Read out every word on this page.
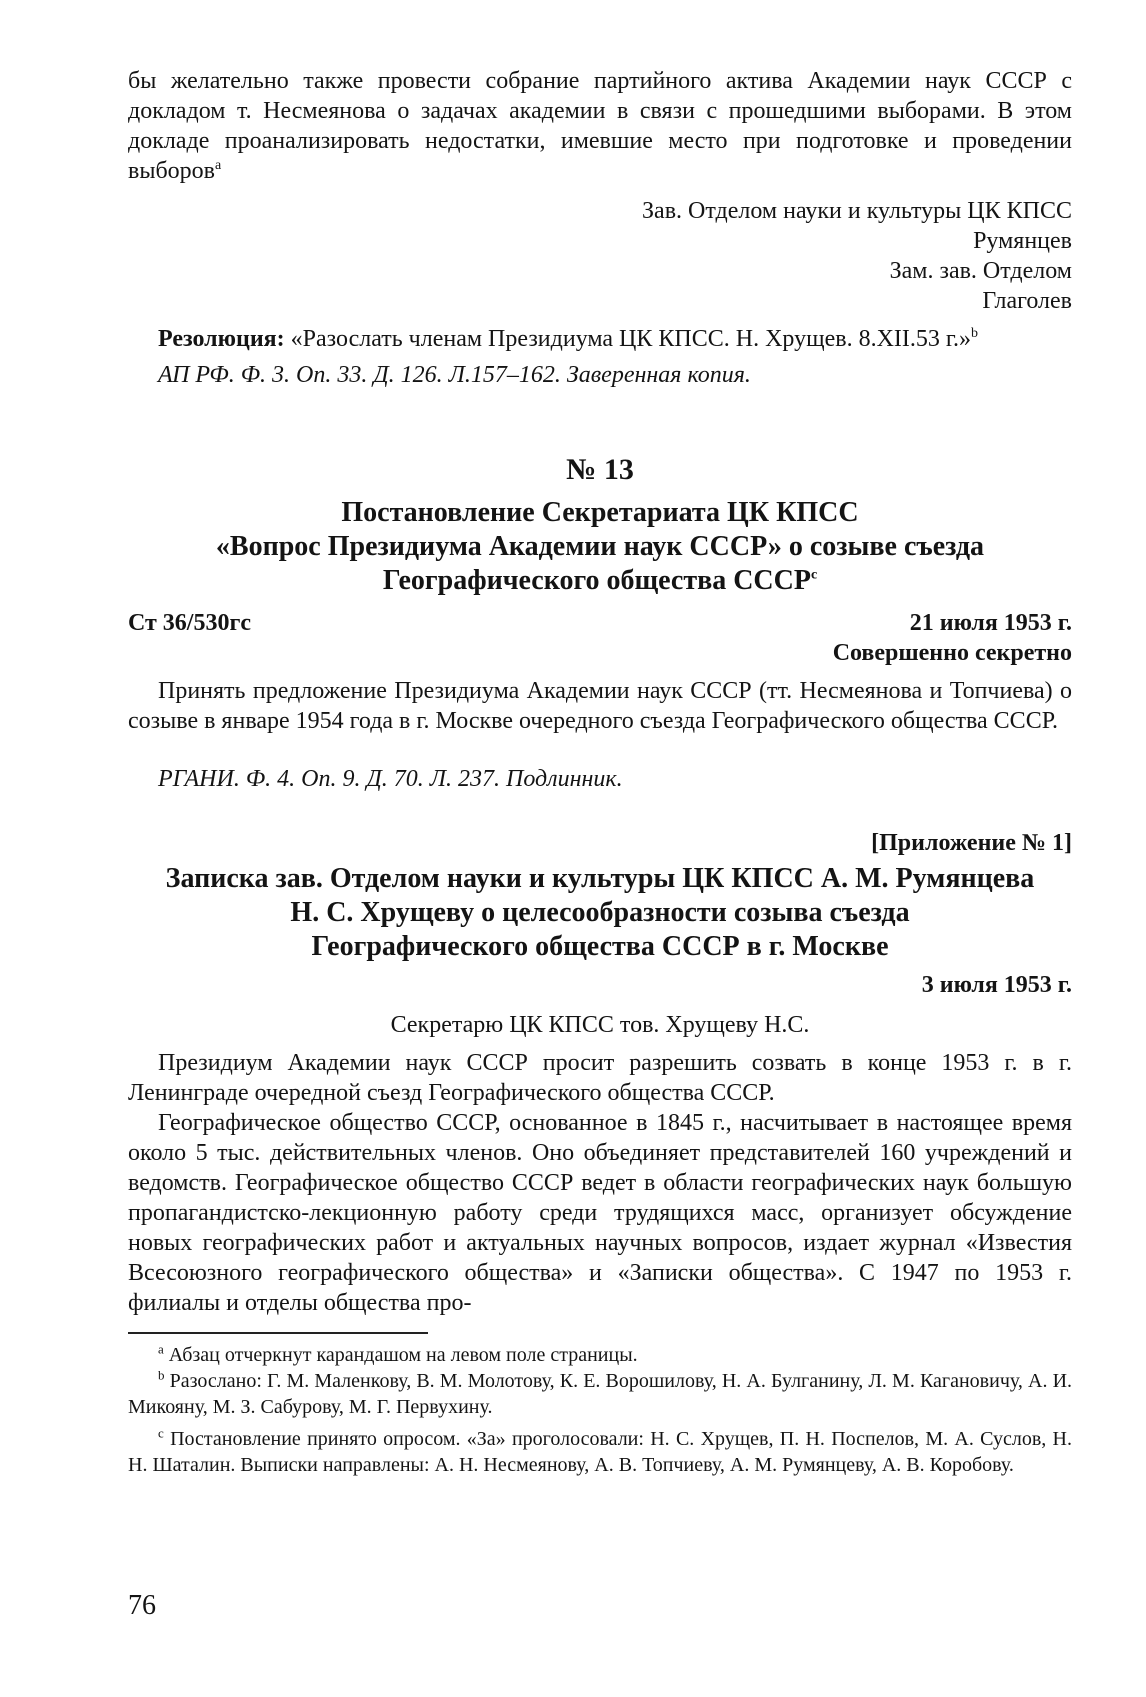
бы желательно также провести собрание партийного актива Академии наук СССР с докладом т. Несмеянова о задачах академии в связи с прошедшими выборами. В этом докладе проанализировать недостатки, имевшие место при подготовке и проведении выборов$^а$

Зав. Отделом науки и культуры ЦК КПСС

Румянцев

Зам. зав. Отделом

Глаголев

Резолюция: «Разослать членам Президиума ЦК КПСС. Н. Хрущев. 8.XII.53 г.»$^b$

АП РФ. Ф. 3. Оп. 33. Д. 126. Л.157–162. Заверенная копия.

№ 13
Постановление Секретариата ЦК КПСС
«Вопрос Президиума Академии наук СССР» о созыве съезда
Географического общества $СССР^с$
Ст 36/530гс	21 июля 1953 г.

Совершенно секретно

Принять предложение Президиума Академии наук СССР (тт. Несмеянова и Топчиева) о созыве в январе 1954 года в г. Москве очередного съезда Географического общества СССР.

РГАНИ. Ф. 4. Оп. 9. Д. 70. Л. 237. Подлинник.

[Приложение № 1]
Записка зав. Отделом науки и культуры ЦК КПСС А. М. Румянцева
Н. С. Хрущеву о целесообразности созыва съезда
Географического общества СССР в г. Москве

3 июля 1953 г.

Секретарю ЦК КПСС тов. Хрущеву Н.С.

Президиум Академии наук СССР просит разрешить созвать в конце 1953 г. в г. Ленинграде очередной съезд Географического общества СССР.

Географическое общество СССР, основанное в 1845 г., насчитывает в настоящее время около 5 тыс. действительных членов. Оно объединяет представителей 160 учреждений и ведомств. Географическое общество СССР ведет в области географических наук большую пропагандистско-лекционную работу среди трудящихся масс, организует обсуждение новых географических работ и актуальных научных вопросов, издает журнал «Известия Всесоюзного географического общества» и «Записки общества». С 1947 по 1953 г. филиалы и отделы общества про-

$^а$ Абзац отчеркнут карандашом на левом поле страницы.

$^b$ Разослано: Г. М. Маленкову, В. М. Молотову, К. Е. Ворошилову, Н. А. Булганину, Л. М. Кагановичу, А. И. Микояну, М. З. Сабурову, М. Г. Первухину.

$^с$ Постановление принято опросом. «За» проголосовали: Н. С. Хрущев, П. Н. Поспелов, М. А. Суслов, Н. Н. Шаталин. Выписки направлены: А. Н. Несмеянову, А. В. Топчиеву, А. М. Румянцеву, А. В. Коробову.

76
